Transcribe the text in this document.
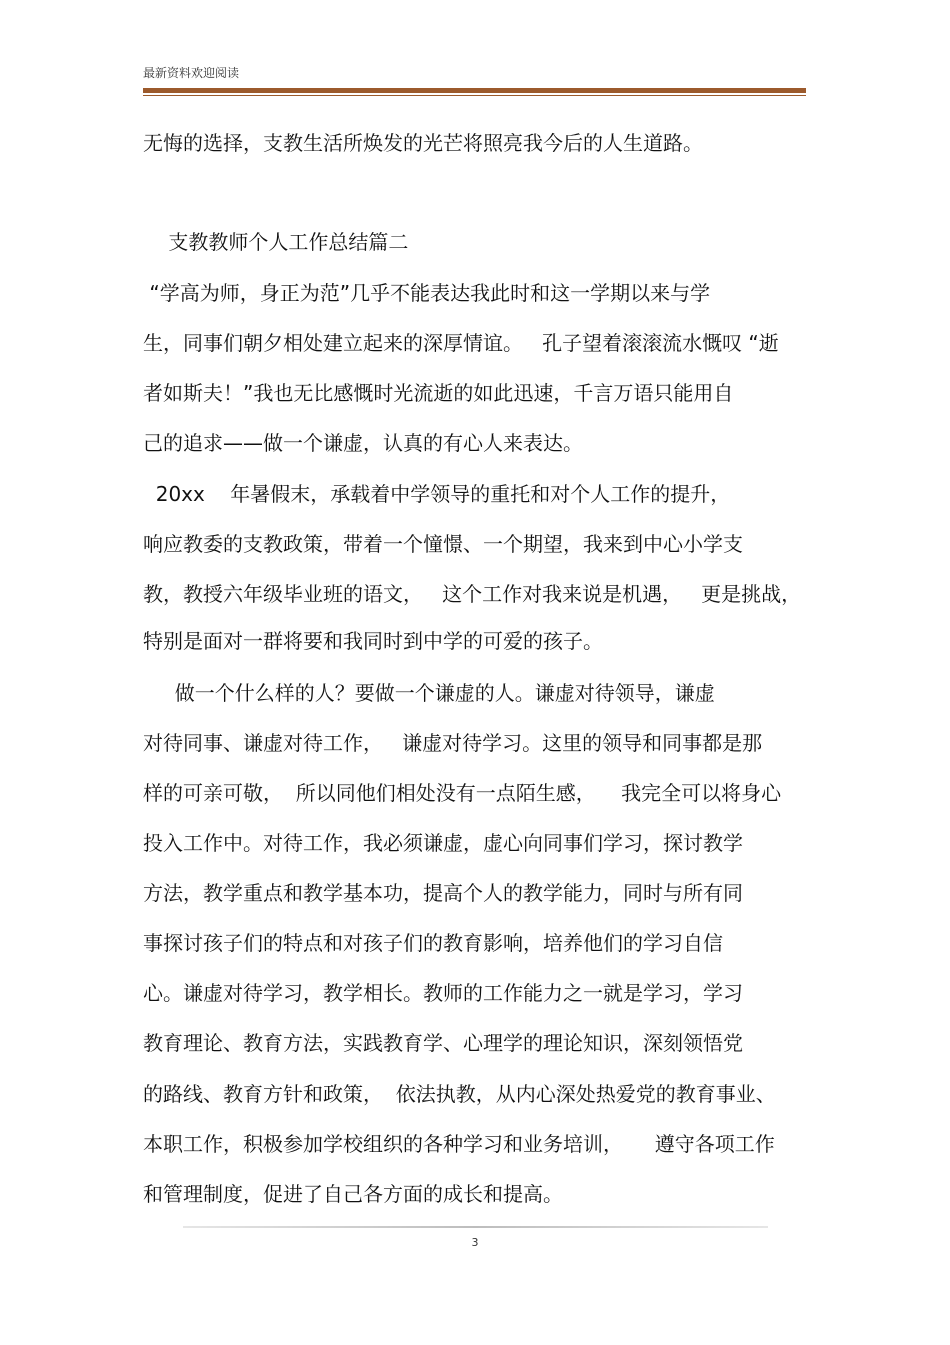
最新资料欢迎阅读
无悔的选择，支教生活所焕发的光芒将照亮我今后的人生道路。
支教教师个人工作总结篇二
“学高为师，身正为范”几乎不能表达我此时和这一学期以来与学
生，同事们朝夕相处建立起来的深厚情谊。   孔子望着滚滚流水慨叹 “逝
者如斯夫！”我也无比感慨时光流逝的如此迅速，千言万语只能用自
己的追求——做一个谦虚，认真的有心人来表达。
20xx    年暑假末，承载着中学领导的重托和对个人工作的提升，
响应教委的支教政策，带着一个憧憬、一个期望，我来到中心小学支
教，教授六年级毕业班的语文，   这个工作对我来说是机遇，   更是挑战，
特别是面对一群将要和我同时到中学的可爱的孩子。
做一个什么样的人？要做一个谦虚的人。谦虚对待领导，谦虚
对待同事、谦虚对待工作，   谦虚对待学习。这里的领导和同事都是那
样的可亲可敬，  所以同他们相处没有一点陌生感，    我完全可以将身心
投入工作中。对待工作，我必须谦虚，虚心向同事们学习，探讨教学
方法，教学重点和教学基本功，提高个人的教学能力，同时与所有同
事探讨孩子们的特点和对孩子们的教育影响，培养他们的学习自信
心。谦虚对待学习，教学相长。教师的工作能力之一就是学习，学习
教育理论、教育方法，实践教育学、心理学的理论知识，深刻领悟党
的路线、教育方针和政策，  依法执教，从内心深处热爱党的教育事业、
本职工作，积极参加学校组织的各种学习和业务培训，     遵守各项工作
和管理制度，促进了自己各方面的成长和提高。
3
